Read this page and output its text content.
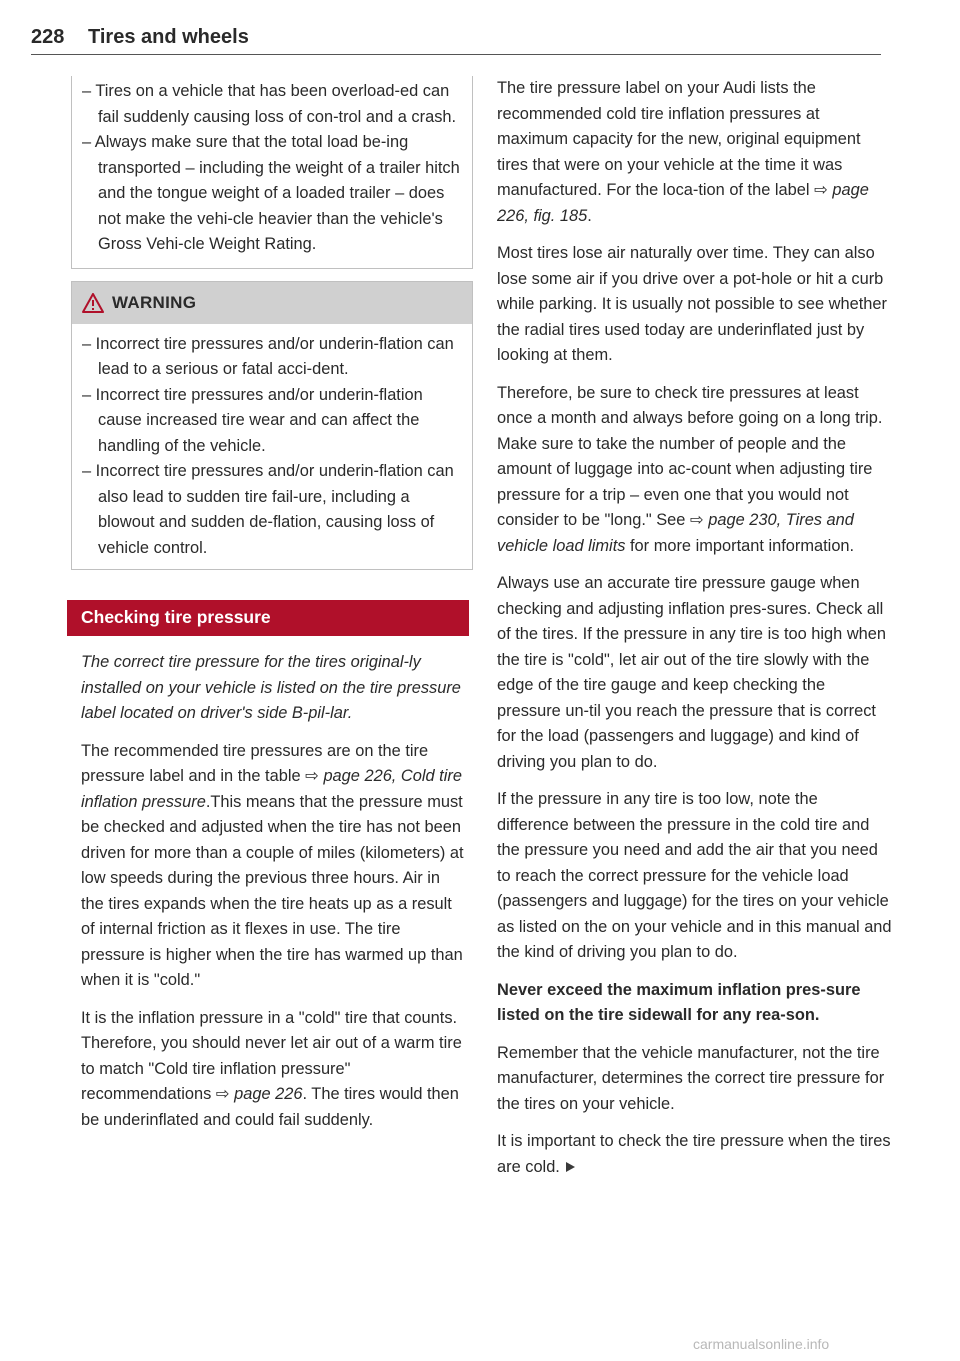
228 Tires and wheels
– Tires on a vehicle that has been overload-ed can fail suddenly causing loss of con-trol and a crash.
– Always make sure that the total load be-ing transported – including the weight of a trailer hitch and the tongue weight of a loaded trailer – does not make the vehi-cle heavier than the vehicle's Gross Vehi-cle Weight Rating.
WARNING
– Incorrect tire pressures and/or underin-flation can lead to a serious or fatal acci-dent.
– Incorrect tire pressures and/or underin-flation cause increased tire wear and can affect the handling of the vehicle.
– Incorrect tire pressures and/or underin-flation can also lead to sudden tire fail-ure, including a blowout and sudden de-flation, causing loss of vehicle control.
Checking tire pressure

The correct tire pressure for the tires original-ly installed on your vehicle is listed on the tire pressure label located on driver's side B-pil-lar.

The recommended tire pressures are on the tire pressure label and in the table ⇨ page 226, Cold tire inflation pressure.This means that the pressure must be checked and adjusted when the tire has not been driven for more than a couple of miles (kilometers) at low speeds during the previous three hours. Air in the tires expands when the tire heats up as a result of internal friction as it flexes in use. The tire pressure is higher when the tire has warmed up than when it is "cold."

It is the inflation pressure in a "cold" tire that counts. Therefore, you should never let air out of a warm tire to match "Cold tire inflation pressure" recommendations ⇨ page 226. The tires would then be underinflated and could fail suddenly.

The tire pressure label on your Audi lists the recommended cold tire inflation pressures at maximum capacity for the new, original equipment tires that were on your vehicle at the time it was manufactured. For the loca-tion of the label ⇨ page 226, fig. 185.

Most tires lose air naturally over time. They can also lose some air if you drive over a pot-hole or hit a curb while parking. It is usually not possible to see whether the radial tires used today are underinflated just by looking at them.

Therefore, be sure to check tire pressures at least once a month and always before going on a long trip. Make sure to take the number of people and the amount of luggage into ac-count when adjusting tire pressure for a trip – even one that you would not consider to be "long." See ⇨ page 230, Tires and vehicle load limits for more important information.

Always use an accurate tire pressure gauge when checking and adjusting inflation pres-sures. Check all of the tires. If the pressure in any tire is too high when the tire is "cold", let air out of the tire slowly with the edge of the tire gauge and keep checking the pressure un-til you reach the pressure that is correct for the load (passengers and luggage) and kind of driving you plan to do.

If the pressure in any tire is too low, note the difference between the pressure in the cold tire and the pressure you need and add the air that you need to reach the correct pressure for the vehicle load (passengers and luggage) for the tires on your vehicle as listed on the on your vehicle and in this manual and the kind of driving you plan to do.

Never exceed the maximum inflation pres-sure listed on the tire sidewall for any rea-son.

Remember that the vehicle manufacturer, not the tire manufacturer, determines the correct tire pressure for the tires on your vehicle.

It is important to check the tire pressure when the tires are cold.

carmanualsonline.info
